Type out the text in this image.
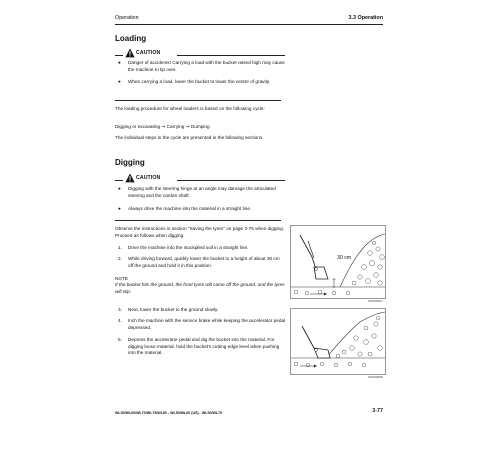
Operation	3.3 Operation
Loading
CAUTION
● Danger of accidents! Carrying a load with the bucket raised high may cause the machine to tip over.
● When carrying a load, lower the bucket to lower the centre of gravity.
The loading procedure for wheel loaders is based on the following cycle:
Digging or excavating ⇒ Carrying ⇒ Dumping
The individual steps in the cycle are presented in the following sections.
Digging
CAUTION
● Digging with the steering hinge at an angle may damage the articulated steering and the cardan shaft.
● Always drive the machine into the material in a straight line.
Observe the instructions in section "Saving the tyres" on page 3-75 when digging. Proceed as follows when digging:
1. Drive the machine into the stockpiled soil in a straight line.
2. While driving forward, quickly lower the bucket to a height of about 30 cm off the ground and hold it in this position.
NOTE
If the bucket hits the ground, the front tyres will come off the ground, and the tyres will slip.
3. Next, lower the bucket to the ground slowly.
4. Inch the machine with the service brake while keeping the accelerator pedal depressed.
5. Depress the accelerator pedal and dig the bucket into the material. For digging loose material, hold the bucket's cutting edge level when pushing into the material.
30 cm
WL000267
WL000268
WL50/WL60/WL70/WL75/WL80 - WL50/WL60 (US) - WL60/WL70	3-77
